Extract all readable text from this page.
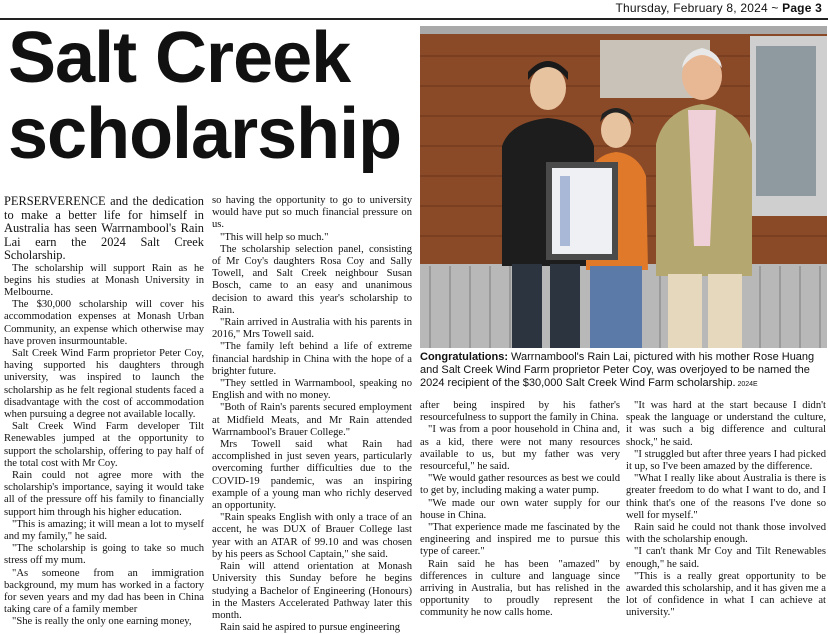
Thursday, February 8, 2024 ~ Page 3
Salt Creek
scholarship
Congratulations: Warrnambool's Rain Lai, pictured with his mother Rose Huang and Salt Creek Wind Farm proprietor Peter Coy, was overjoyed to be named the 2024 recipient of the $30,000 Salt Creek Wind Farm scholarship. 2024E

PERSERVERENCE and the dedication to make a better life for himself in Australia has seen Warrnambool's Rain Lai earn the 2024 Salt Creek Scholarship.

The scholarship will support Rain as he begins his studies at Monash University in Melbourne.

The $30,000 scholarship will cover his accommodation expenses at Monash Urban Community, an expense which otherwise may have proven insurmountable.

Salt Creek Wind Farm proprietor Peter Coy, having supported his daughters through university, was inspired to launch the scholarship as he felt regional students faced a disadvantage with the cost of accommodation when pursuing a degree not available locally.

Salt Creek Wind Farm developer Tilt Renewables jumped at the opportunity to support the scholarship, offering to pay half of the total cost with Mr Coy.

Rain could not agree more with the scholarship's importance, saying it would take all of the pressure off his family to financially support him through his higher education.

"This is amazing; it will mean a lot to myself and my family," he said.

"The scholarship is going to take so much stress off my mum.

"As someone from an immigration background, my mum has worked in a factory for seven years and my dad has been in China taking care of a family member

"She is really the only one earning money,

so having the opportunity to go to university would have put so much financial pressure on us.

"This will help so much."

The scholarship selection panel, consisting of Mr Coy's daughters Rosa Coy and Sally Towell, and Salt Creek neighbour Susan Bosch, came to an easy and unanimous decision to award this year's scholarship to Rain.

"Rain arrived in Australia with his parents in 2016," Mrs Towell said.

"The family left behind a life of extreme financial hardship in China with the hope of a brighter future.

"They settled in Warrnambool, speaking no English and with no money.

"Both of Rain's parents secured employment at Midfield Meats, and Mr Rain attended Warrnambool's Brauer College."

Mrs Towell said what Rain had accomplished in just seven years, particularly overcoming further difficulties due to the COVID-19 pandemic, was an inspiring example of a young man who richly deserved an opportunity.

"Rain speaks English with only a trace of an accent, he was DUX of Brauer College last year with an ATAR of 99.10 and was chosen by his peers as School Captain," she said.

Rain will attend orientation at Monash University this Sunday before he begins studying a Bachelor of Engineering (Honours) in the Masters Accelerated Pathway later this month.

Rain said he aspired to pursue engineering

after being inspired by his father's resourcefulness to support the family in China.

"I was from a poor household in China and, as a kid, there were not many resources available to us, but my father was very resourceful," he said.

"We would gather resources as best we could to get by, including making a water pump.

"We made our own water supply for our house in China.

"That experience made me fascinated by the engineering and inspired me to pursue this type of career."

Rain said he has been "amazed" by differences in culture and language since arriving in Australia, but has relished in the opportunity to proudly represent the community he now calls home.

"It was hard at the start because I didn't speak the language or understand the culture, it was such a big difference and cultural shock," he said.

"I struggled but after three years I had picked it up, so I've been amazed by the difference.

"What I really like about Australia is there is greater freedom to do what I want to do, and I think that's one of the reasons I've done so well for myself."

Rain said he could not thank those involved with the scholarship enough.

"I can't thank Mr Coy and Tilt Renewables enough," he said.

"This is a really great opportunity to be awarded this scholarship, and it has given me a lot of confidence in what I can achieve at university."
